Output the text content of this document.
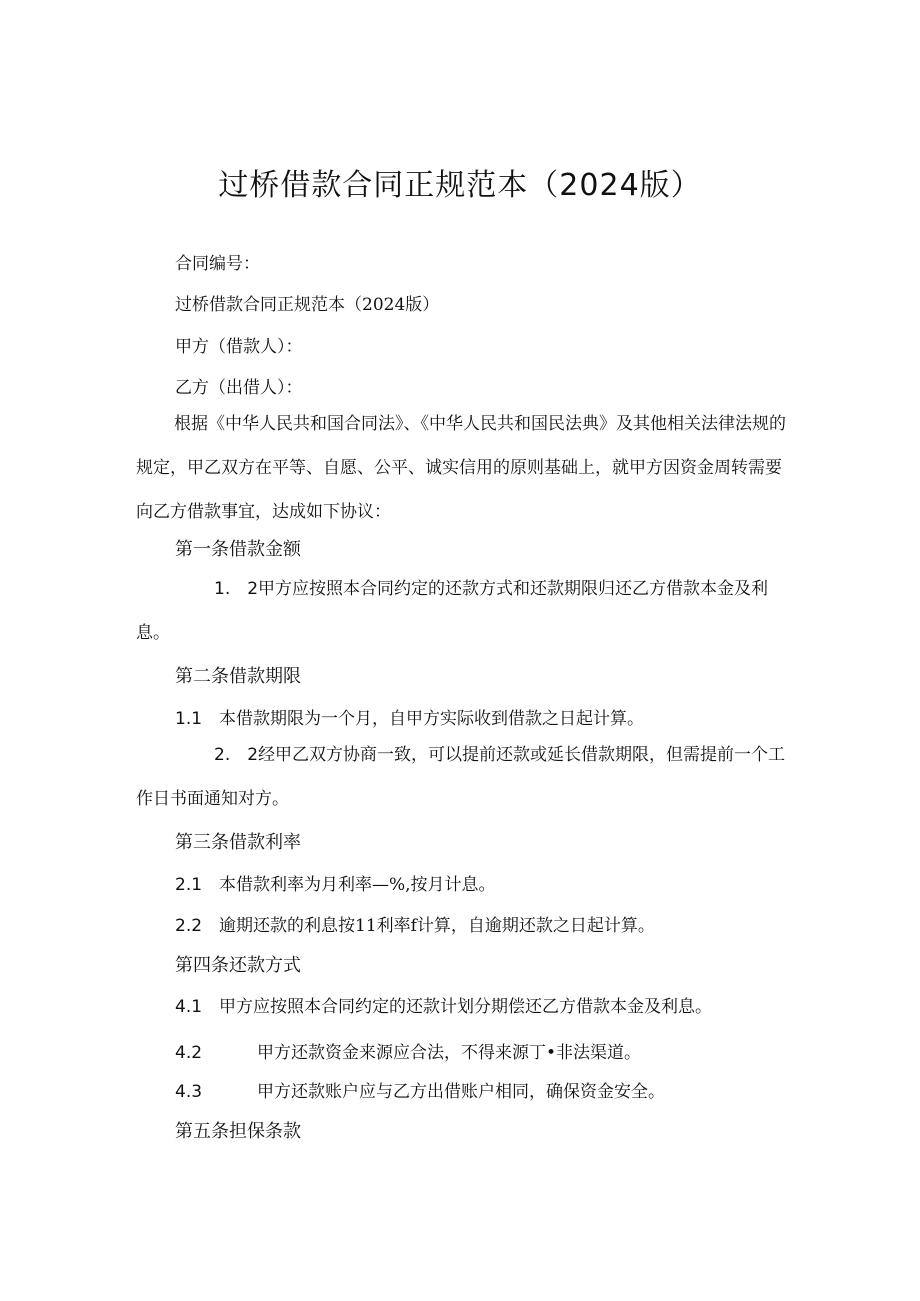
过桥借款合同正规范本（2024版）

合同编号：

过桥借款合同正规范本（2024版）

甲方（借款人）：

乙方（出借人）：

根据《中华人民共和国合同法》、《中华人民共和国民法典》及其他相关法律法规的规定，甲乙双方在平等、自愿、公平、诚实信用的原则基础上，就甲方因资金周转需要向乙方借款事宜，达成如下协议：

第一条借款金额

1.　2甲方应按照本合同约定的还款方式和还款期限归还乙方借款本金及利息。

第二条借款期限

1.1 本借款期限为一个月，自甲方实际收到借款之日起计算。

2.　2经甲乙双方协商一致，可以提前还款或延长借款期限，但需提前一个工作日书面通知对方。

第三条借款利率

2.1 本借款利率为月利率—%,按月计息。

2.2 逾期还款的利息按11利率f计算，自逾期还款之日起计算。

第四条还款方式

4.1 甲方应按照本合同约定的还款计划分期偿还乙方借款本金及利息。

4.2	甲方还款资金来源应合法，不得来源丁•非法渠道。

4.3	甲方还款账户应与乙方出借账户相同，确保资金安全。

第五条担保条款
